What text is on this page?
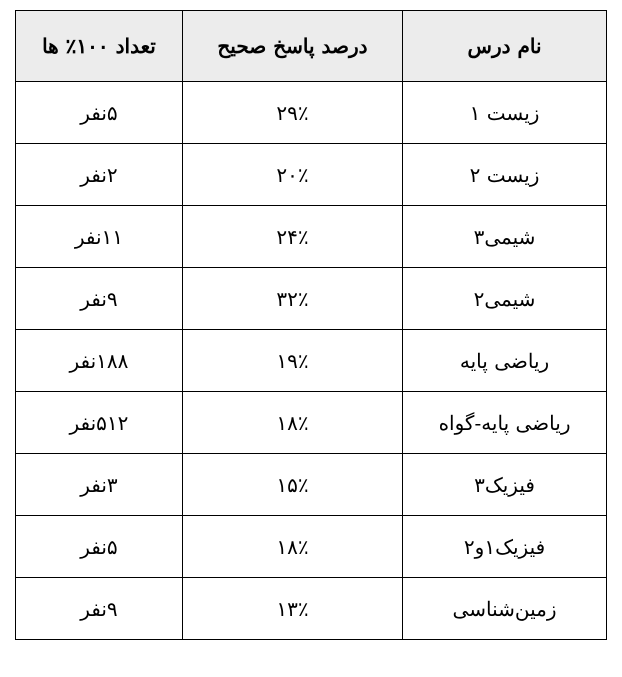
نام درس	درصد پاسخ صحیح	تعداد ۱۰۰٪ ها
زیست ۱	۲۹٪	۵نفر
زیست ۲	۲۰٪	۲نفر
شیمی۳	۲۴٪	۱۱نفر
شیمی۲	۳۲٪	۹نفر
ریاضی پایه	۱۹٪	۱۸۸نفر
ریاضی پایه-گواه	۱۸٪	۵۱۲نفر
فیزیک۳	۱۵٪	۳نفر
فیزیک۱و۲	۱۸٪	۵نفر
زمین‌شناسی	۱۳٪	۹نفر
